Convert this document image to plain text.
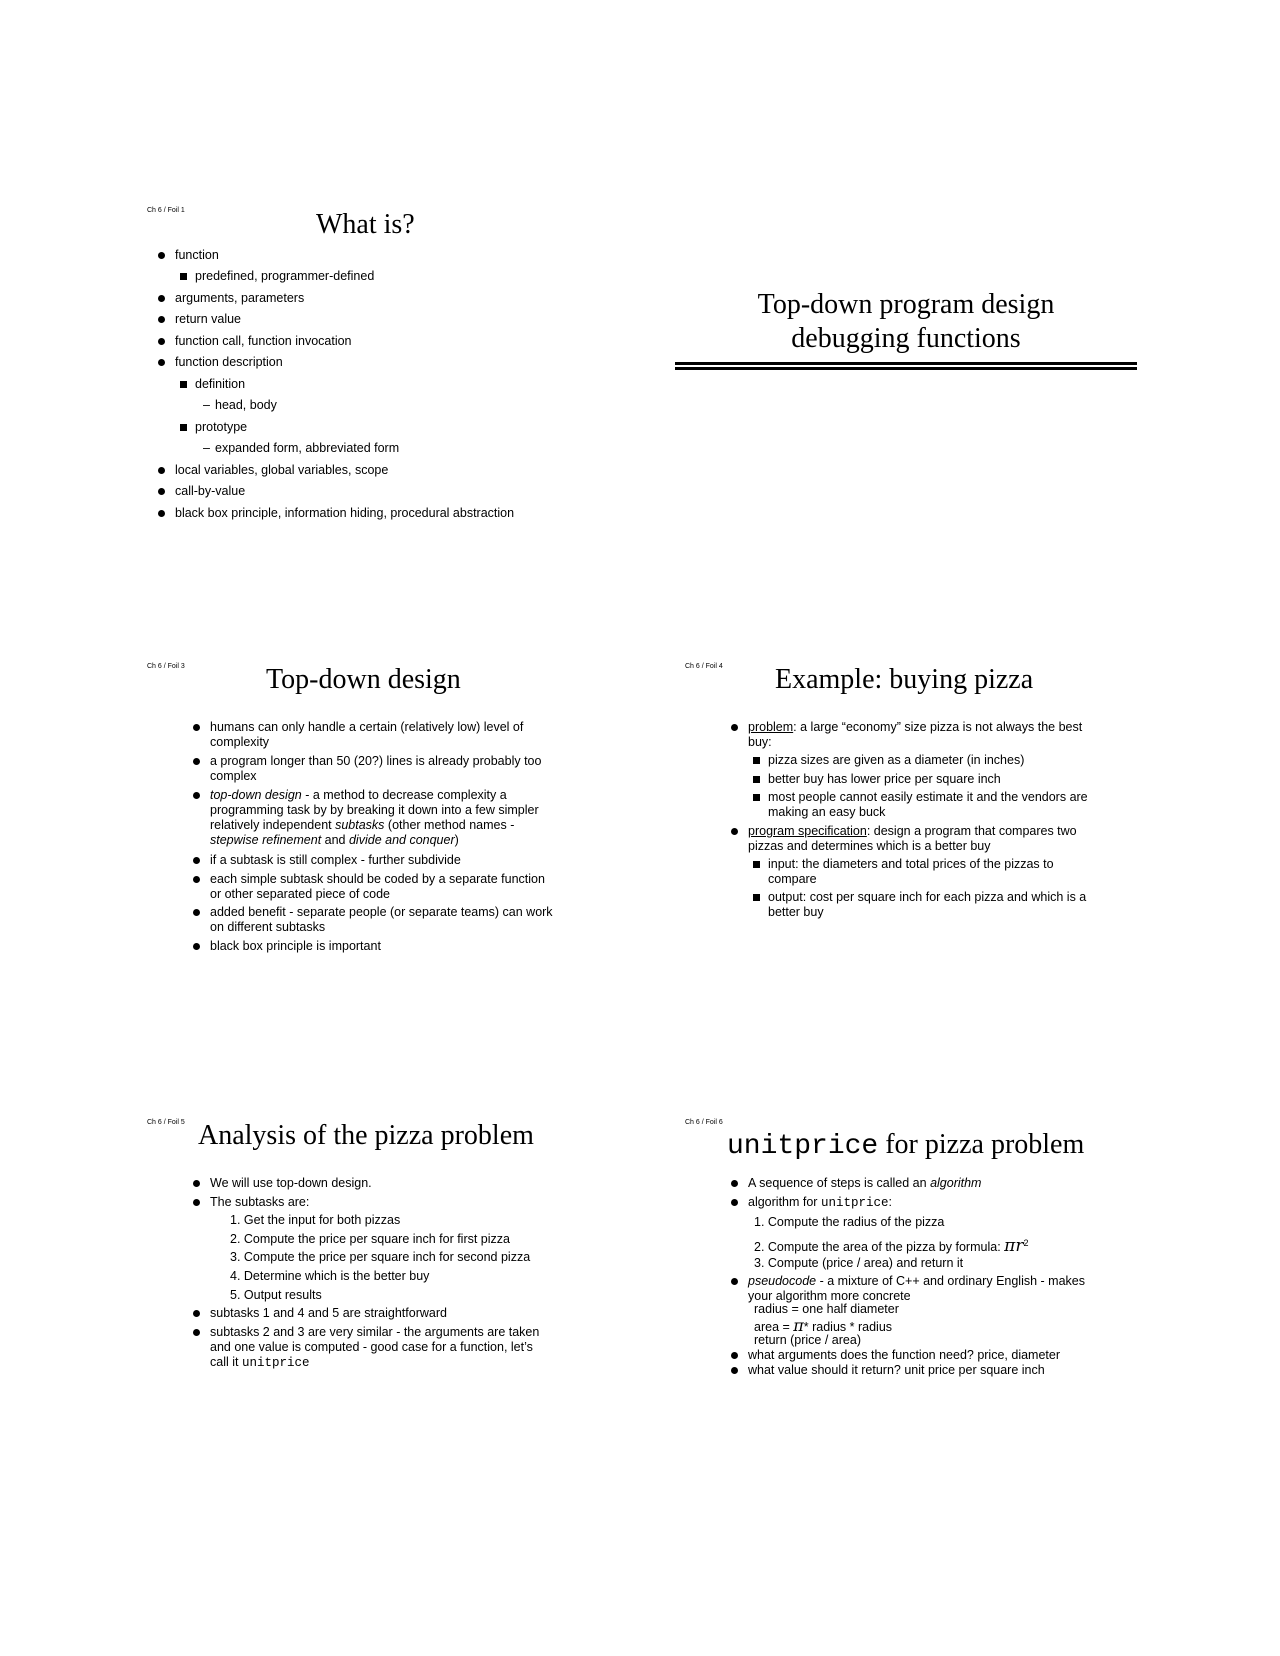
Ch 6 / Foil 1	What is?
function
predefined, programmer-defined
arguments, parameters
return value
function call, function invocation
function description
definition
– head, body
prototype
– expanded form, abbreviated form
local variables, global variables, scope
call-by-value
black box principle, information hiding, procedural abstraction
Top-down program design
debugging functions
Ch 6 / Foil 3	Top-down design
humans can only handle a certain (relatively low) level of complexity
a program longer than 50 (20?) lines is already probably too complex
top-down design - a method to decrease complexity a programming task by by breaking it down into a few simpler relatively independent subtasks (other method names - stepwise refinement and divide and conquer)
if a subtask is still complex - further subdivide
each simple subtask should be coded by a separate function or other separated piece of code
added benefit - separate people (or separate teams) can work on different subtasks
black box principle is important
Ch 6 / Foil 4 Example: buying pizza
problem: a large “economy” size pizza is not always the best buy:
pizza sizes are given as a diameter (in inches)
better buy has lower price per square inch
most people cannot easily estimate it and the vendors are making an easy buck
program specification: design a program that compares two pizzas and determines which is a better buy
input: the diameters and total prices of the pizzas to compare
output: cost per square inch for each pizza and which is a better buy
Ch 6 / Foil 5 Analysis of the pizza problem
We will use top-down design.
The subtasks are:
1. Get the input for both pizzas
2. Compute the price per square inch for first pizza
3. Compute the price per square inch for second pizza
4. Determine which is the better buy
5. Output results
subtasks 1 and 4 and 5 are straightforward
subtasks 2 and 3 are very similar - the arguments are taken and one value is computed - good case for a function, let’s call it unitprice
Ch 6 / Foil 6
unitprice for pizza problem
A sequence of steps is called an algorithm
algorithm for unitprice:
1. Compute the radius of the pizza
2. Compute the area of the pizza by formula: $\pi r^2$
3. Compute (price / area) and return it
pseudocode - a mixture of C++ and ordinary English - makes your algorithm more concrete
radius = one half diameter
area = π* radius * radius
return (price / area)
what arguments does the function need? price, diameter
what value should it return? unit price per square inch
